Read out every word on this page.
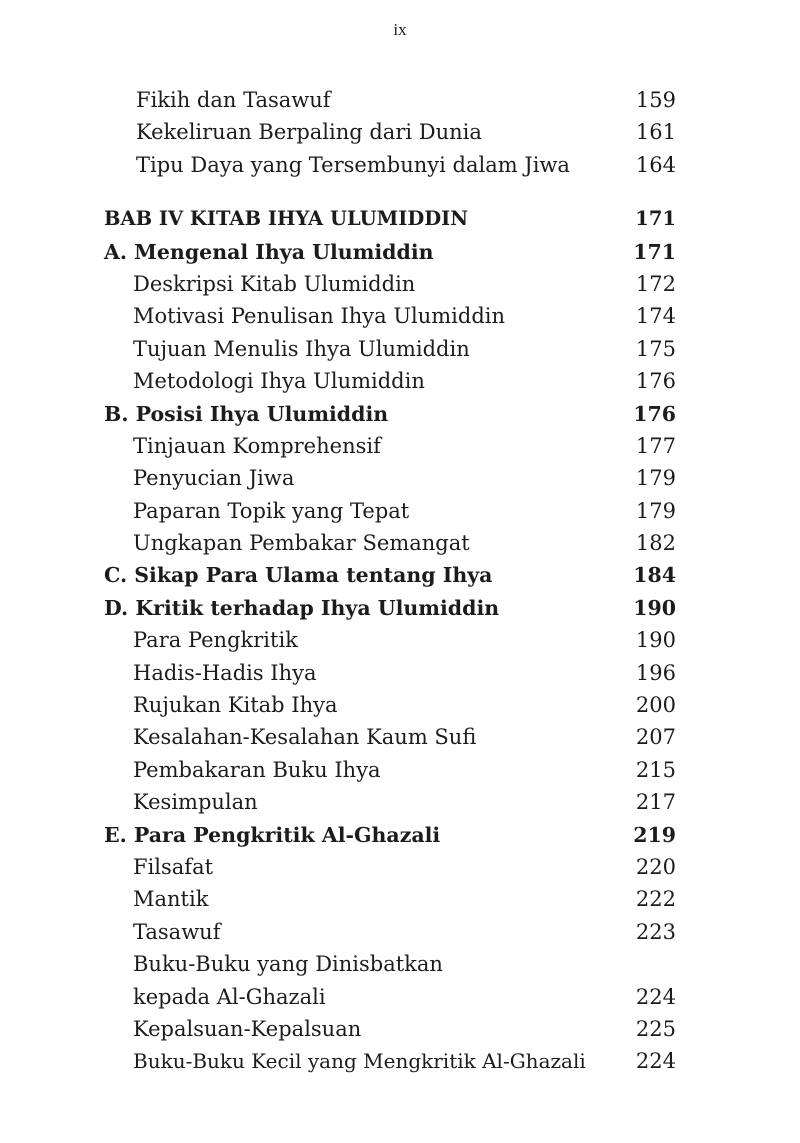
ix
Fikih dan Tasawuf	159
Kekeliruan Berpaling dari Dunia	161
Tipu Daya yang Tersembunyi dalam Jiwa	164
BAB IV KITAB IHYA ULUMIDDIN	171
A. Mengenal Ihya Ulumiddin	171
Deskripsi Kitab Ulumiddin	172
Motivasi Penulisan Ihya Ulumiddin	174
Tujuan Menulis Ihya Ulumiddin	175
Metodologi Ihya Ulumiddin	176
B. Posisi Ihya Ulumiddin	176
Tinjauan Komprehensif	177
Penyucian Jiwa	179
Paparan Topik yang Tepat	179
Ungkapan Pembakar Semangat	182
C. Sikap Para Ulama tentang Ihya	184
D. Kritik terhadap Ihya Ulumiddin	190
Para Pengkritik	190
Hadis-Hadis Ihya	196
Rujukan Kitab Ihya	200
Kesalahan-Kesalahan Kaum Sufi	207
Pembakaran Buku Ihya	215
Kesimpulan	217
E. Para Pengkritik Al-Ghazali	219
Filsafat	220
Mantik	222
Tasawuf	223
Buku-Buku yang Dinisbatkan
kepada Al-Ghazali	224
Kepalsuan-Kepalsuan	225
Buku-Buku Kecil yang Mengkritik Al-Ghazali 224
